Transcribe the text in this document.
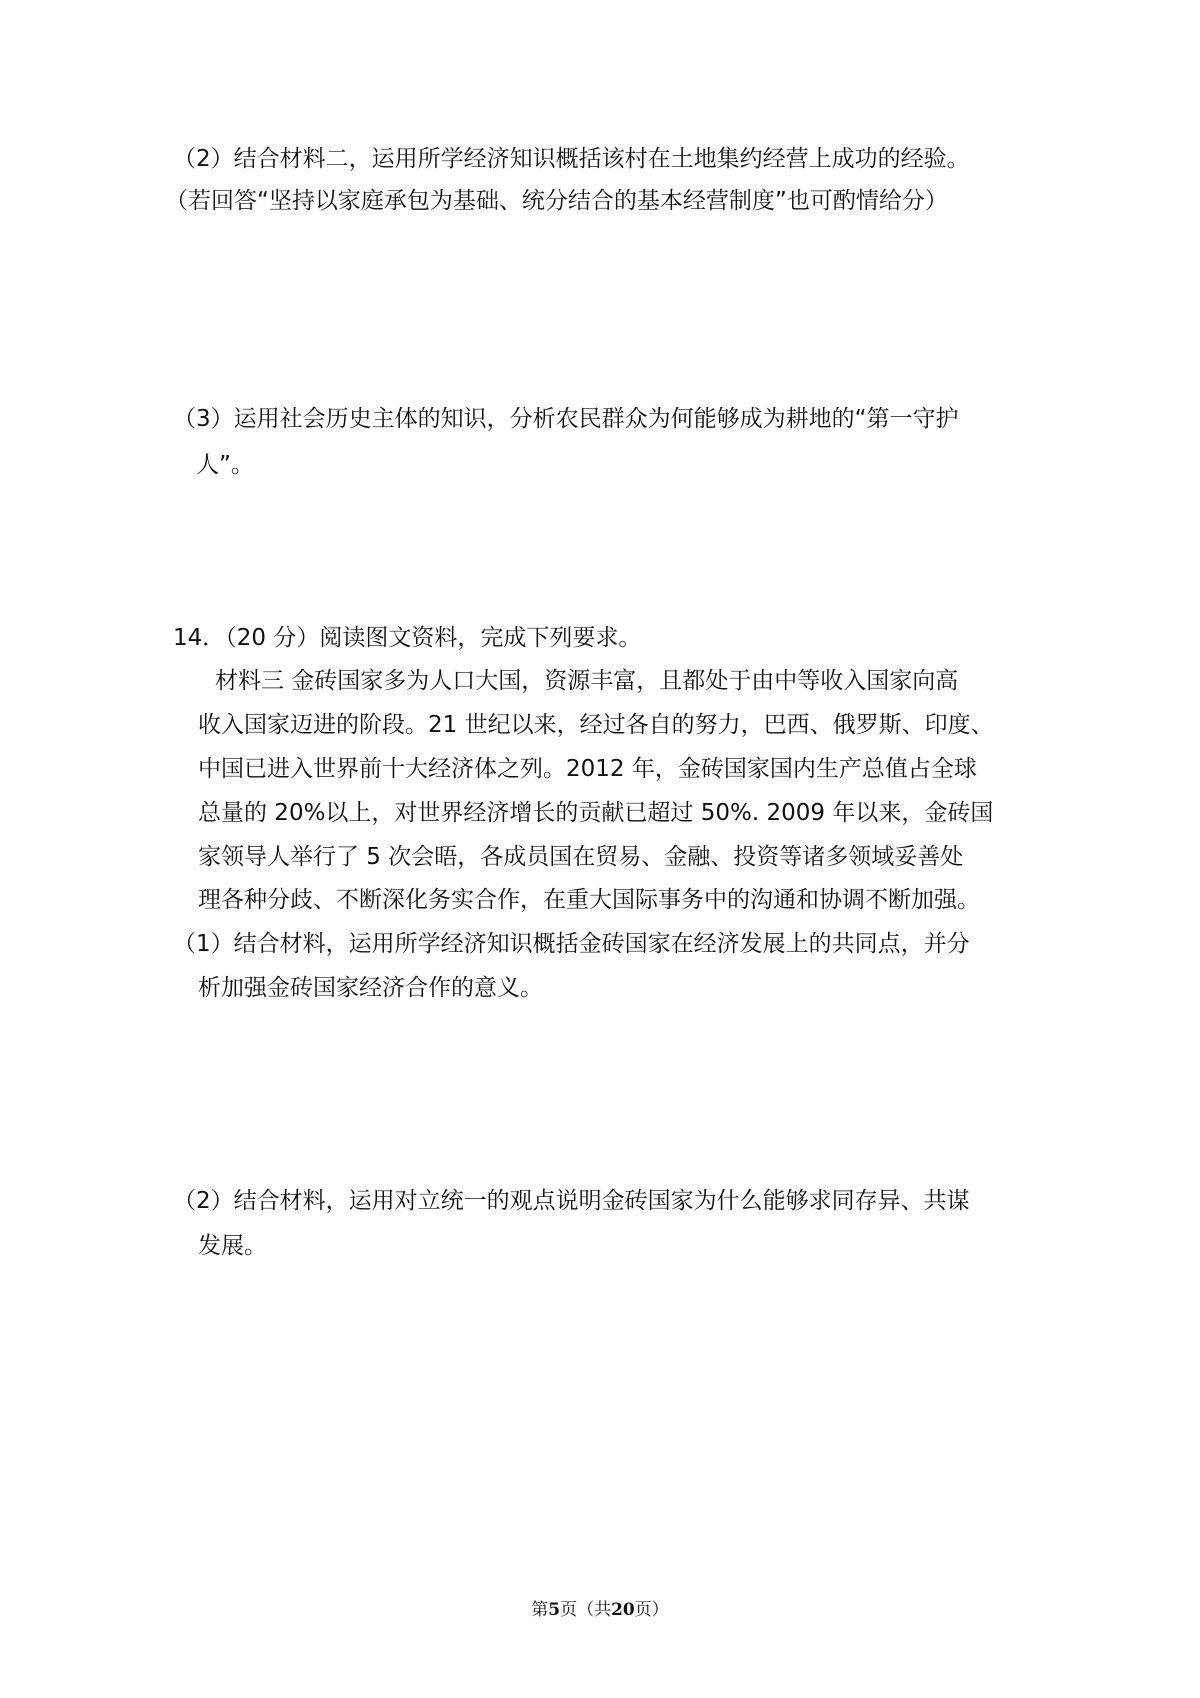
（2）结合材料二，运用所学经济知识概括该村在土地集约经营上成功的经验。
（若回答“坚持以家庭承包为基础、统分结合的基本经营制度”也可酌情给分）
（3）运用社会历史主体的知识，分析农民群众为何能够成为耕地的“第一守护
人”。
14．（20 分）阅读图文资料，完成下列要求。
材料三 金砖国家多为人口大国，资源丰富，且都处于由中等收入国家向高
收入国家迈进的阶段。21 世纪以来，经过各自的努力，巴西、俄罗斯、印度、
中国已进入世界前十大经济体之列。2012 年，金砖国家国内生产总值占全球
总量的 20%以上，对世界经济增长的贡献已超过 50%. 2009 年以来，金砖国
家领导人举行了 5 次会晤，各成员国在贸易、金融、投资等诸多领域妥善处
理各种分歧、不断深化务实合作，在重大国际事务中的沟通和协调不断加强。
（1）结合材料，运用所学经济知识概括金砖国家在经济发展上的共同点，并分
析加强金砖国家经济合作的意义。
（2）结合材料，运用对立统一的观点说明金砖国家为什么能够求同存异、共谋
发展。
第5页（共20页）
